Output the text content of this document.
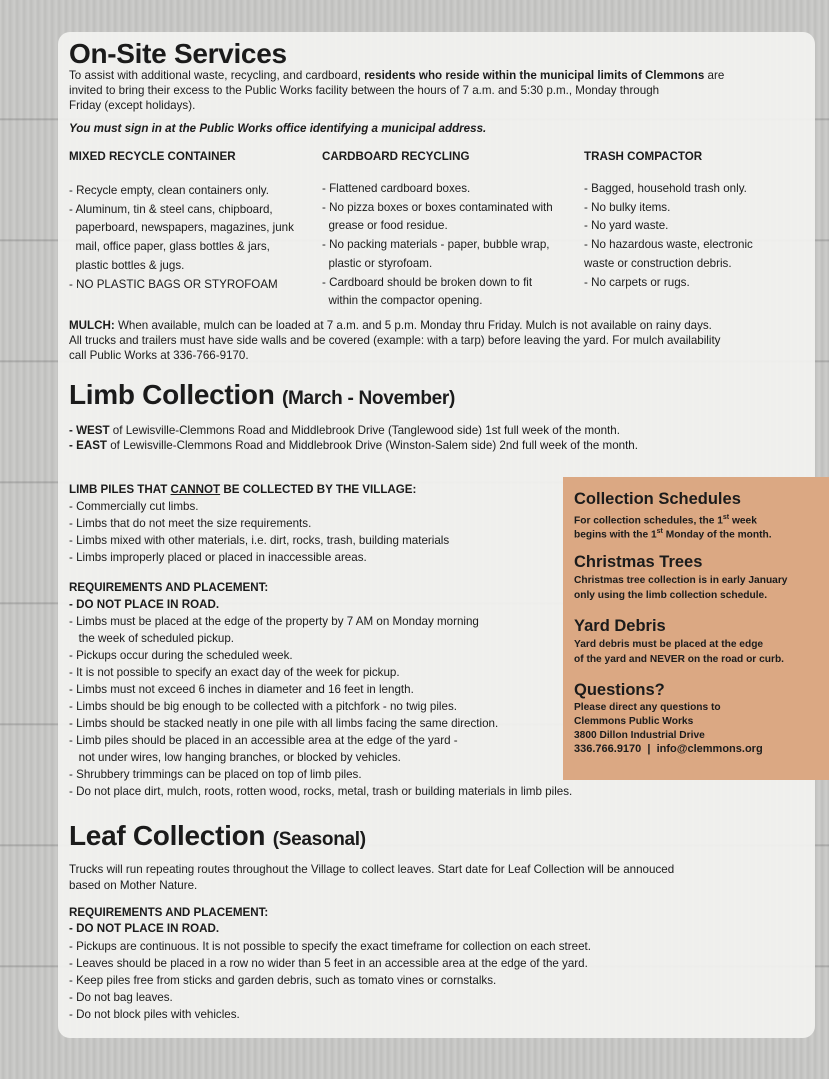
On-Site Services
To assist with additional waste, recycling, and cardboard, residents who reside within the municipal limits of Clemmons are
invited to bring their excess to the Public Works facility between the hours of 7 a.m. and 5:30 p.m., Monday through
Friday (except holidays).
You must sign in at the Public Works office identifying a municipal address.
MIXED RECYCLE CONTAINER
- Recycle empty, clean containers only.
- Aluminum, tin & steel cans, chipboard,
paperboard, newspapers, magazines, junk
mail, office paper, glass bottles & jars,
plastic bottles & jugs.
- NO PLASTIC BAGS OR STYROFOAM
CARDBOARD RECYCLING
- Flattened cardboard boxes.
- No pizza boxes or boxes contaminated with
grease or food residue.
- No packing materials - paper, bubble wrap,
plastic or styrofoam.
- Cardboard should be broken down to fit
within the compactor opening.
TRASH COMPACTOR
- Bagged, household trash only.
- No bulky items.
- No yard waste.
- No hazardous waste, electronic
waste or construction debris.
- No carpets or rugs.
MULCH: When available, mulch can be loaded at 7 a.m. and 5 p.m. Monday thru Friday. Mulch is not available on rainy days.
All trucks and trailers must have side walls and be covered (example: with a tarp) before leaving the yard. For mulch availability
call Public Works at 336-766-9170.
Limb Collection (March - November)
- WEST of Lewisville-Clemmons Road and Middlebrook Drive (Tanglewood side) 1st full week of the month.
- EAST of Lewisville-Clemmons Road and Middlebrook Drive (Winston-Salem side) 2nd full week of the month.
LIMB PILES THAT CANNOT BE COLLECTED BY THE VILLAGE:
- Commercially cut limbs.
- Limbs that do not meet the size requirements.
- Limbs mixed with other materials, i.e. dirt, rocks, trash, building materials
- Limbs improperly placed or placed in inaccessible areas.
REQUIREMENTS AND PLACEMENT:
- DO NOT PLACE IN ROAD.
- Limbs must be placed at the edge of the property by 7 AM on Monday morning
the week of scheduled pickup.
- Pickups occur during the scheduled week.
- It is not possible to specify an exact day of the week for pickup.
- Limbs must not exceed 6 inches in diameter and 16 feet in length.
- Limbs should be big enough to be collected with a pitchfork - no twig piles.
- Limbs should be stacked neatly in one pile with all limbs facing the same direction.
- Limb piles should be placed in an accessible area at the edge of the yard -
not under wires, low hanging branches, or blocked by vehicles.
- Shrubbery trimmings can be placed on top of limb piles.
- Do not place dirt, mulch, roots, rotten wood, rocks, metal, trash or building materials in limb piles.
Collection Schedules
For collection schedules, the 1st week
begins with the 1st Monday of the month.
Christmas Trees
Christmas tree collection is in early January
only using the limb collection schedule.
Yard Debris
Yard debris must be placed at the edge
of the yard and NEVER on the road or curb.
Questions?
Please direct any questions to
Clemmons Public Works
3800 Dillon Industrial Drive
336.766.9170  |  info@clemmons.org
Leaf Collection (Seasonal)
Trucks will run repeating routes throughout the Village to collect leaves. Start date for Leaf Collection will be annouced
based on Mother Nature.
REQUIREMENTS AND PLACEMENT:
- DO NOT PLACE IN ROAD.
- Pickups are continuous. It is not possible to specify the exact timeframe for collection on each street.
- Leaves should be placed in a row no wider than 5 feet in an accessible area at the edge of the yard.
- Keep piles free from sticks and garden debris, such as tomato vines or cornstalks.
- Do not bag leaves.
- Do not block piles with vehicles.
